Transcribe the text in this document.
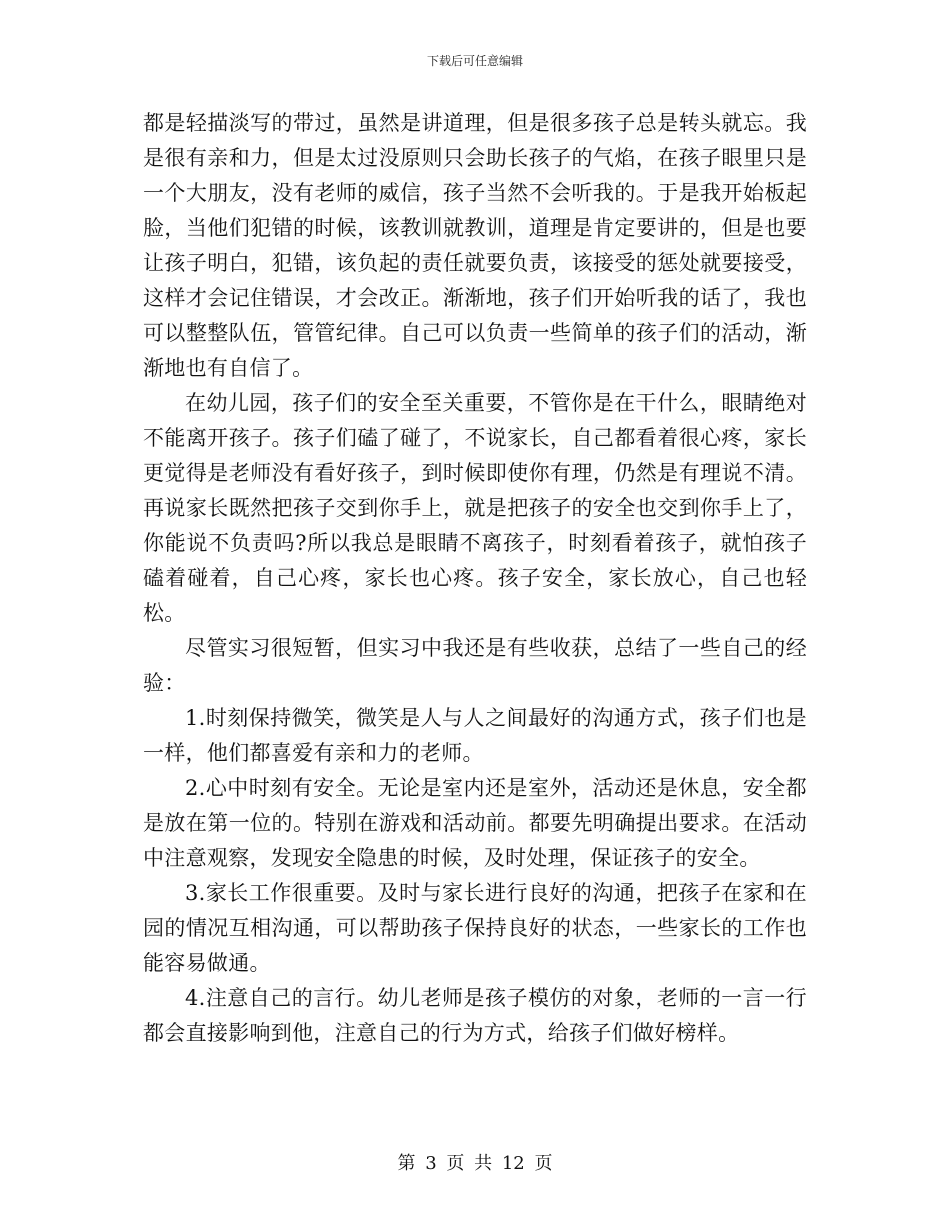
下载后可任意编辑

都是轻描淡写的带过，虽然是讲道理，但是很多孩子总是转头就忘。我是很有亲和力，但是太过没原则只会助长孩子的气焰，在孩子眼里只是一个大朋友，没有老师的威信，孩子当然不会听我的。于是我开始板起脸，当他们犯错的时候，该教训就教训，道理是肯定要讲的，但是也要让孩子明白，犯错，该负起的责任就要负责，该接受的惩处就要接受，这样才会记住错误，才会改正。渐渐地，孩子们开始听我的话了，我也可以整整队伍，管管纪律。自己可以负责一些简单的孩子们的活动，渐渐地也有自信了。

在幼儿园，孩子们的安全至关重要，不管你是在干什么，眼睛绝对不能离开孩子。孩子们磕了碰了，不说家长，自己都看着很心疼，家长更觉得是老师没有看好孩子，到时候即使你有理，仍然是有理说不清。再说家长既然把孩子交到你手上，就是把孩子的安全也交到你手上了，你能说不负责吗?所以我总是眼睛不离孩子，时刻看着孩子，就怕孩子磕着碰着，自己心疼，家长也心疼。孩子安全，家长放心，自己也轻松。

尽管实习很短暂，但实习中我还是有些收获，总结了一些自己的经验：

1.时刻保持微笑，微笑是人与人之间最好的沟通方式，孩子们也是一样，他们都喜爱有亲和力的老师。

2.心中时刻有安全。无论是室内还是室外，活动还是休息，安全都是放在第一位的。特别在游戏和活动前。都要先明确提出要求。在活动中注意观察，发现安全隐患的时候，及时处理，保证孩子的安全。

3.家长工作很重要。及时与家长进行良好的沟通，把孩子在家和在园的情况互相沟通，可以帮助孩子保持良好的状态，一些家长的工作也能容易做通。

4.注意自己的言行。幼儿老师是孩子模仿的对象，老师的一言一行都会直接影响到他，注意自己的行为方式，给孩子们做好榜样。

第 3 页 共 12 页
